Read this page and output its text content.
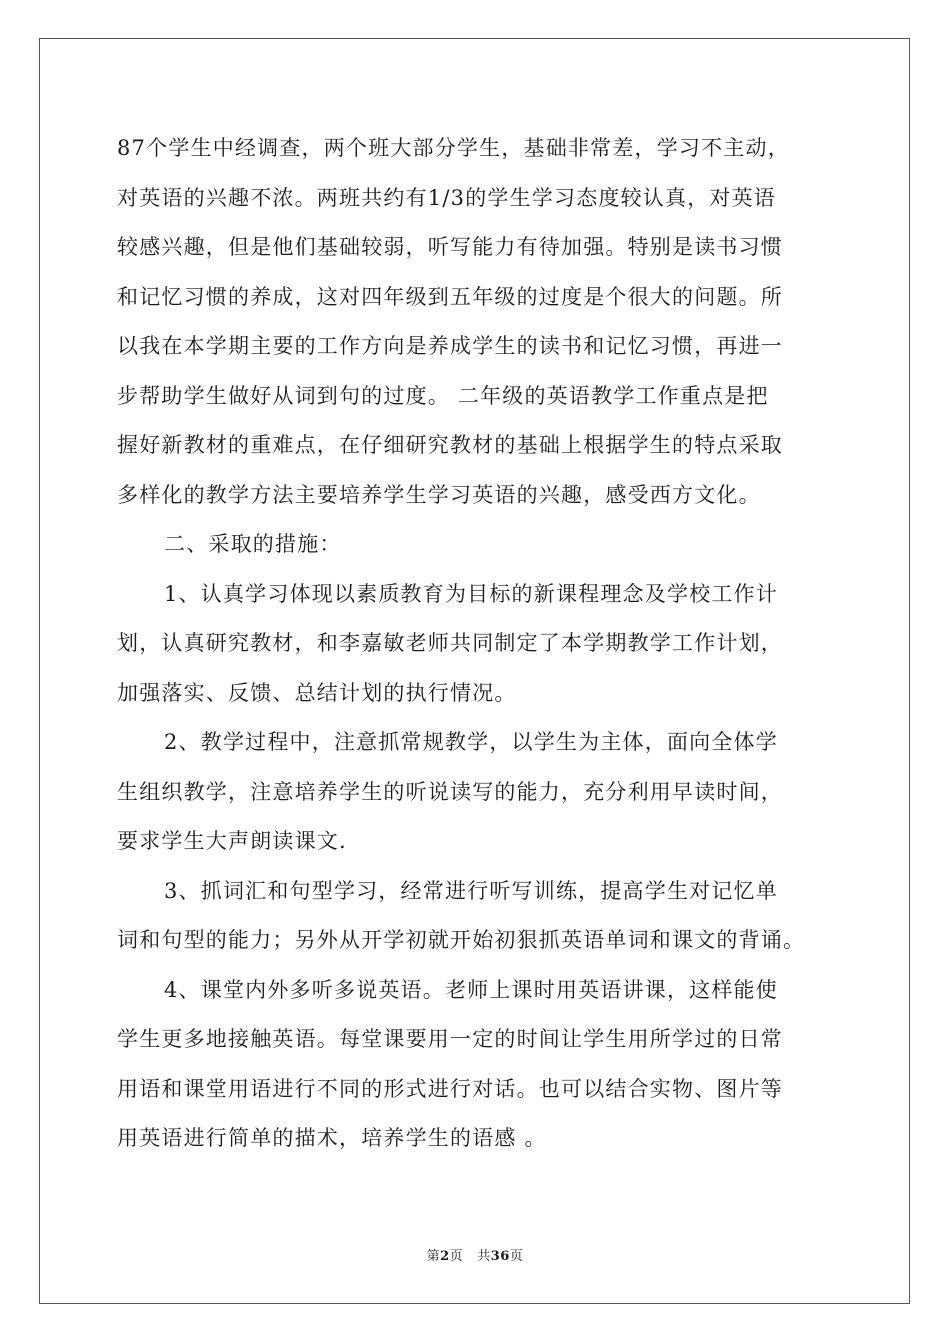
87个学生中经调查，两个班大部分学生，基础非常差，学习不主动，
对英语的兴趣不浓。两班共约有1/3的学生学习态度较认真，对英语
较感兴趣，但是他们基础较弱，听写能力有待加强。特别是读书习惯
和记忆习惯的养成，这对四年级到五年级的过度是个很大的问题。所
以我在本学期主要的工作方向是养成学生的读书和记忆习惯，再进一
步帮助学生做好从词到句的过度。 二年级的英语教学工作重点是把
握好新教材的重难点，在仔细研究教材的基础上根据学生的特点采取
多样化的教学方法主要培养学生学习英语的兴趣，感受西方文化。
二、采取的措施：
1、认真学习体现以素质教育为目标的新课程理念及学校工作计
划，认真研究教材，和李嘉敏老师共同制定了本学期教学工作计划，
加强落实、反馈、总结计划的执行情况。
2、教学过程中，注意抓常规教学，以学生为主体，面向全体学
生组织教学，注意培养学生的听说读写的能力，充分利用早读时间，
要求学生大声朗读课文.
3、抓词汇和句型学习，经常进行听写训练，提高学生对记忆单
词和句型的能力；另外从开学初就开始初狠抓英语单词和课文的背诵。
4、课堂内外多听多说英语。老师上课时用英语讲课，这样能使
学生更多地接触英语。每堂课要用一定的时间让学生用所学过的日常
用语和课堂用语进行不同的形式进行对话。也可以结合实物、图片等
用英语进行简单的描术，培养学生的语感 。
第2页 共36页
